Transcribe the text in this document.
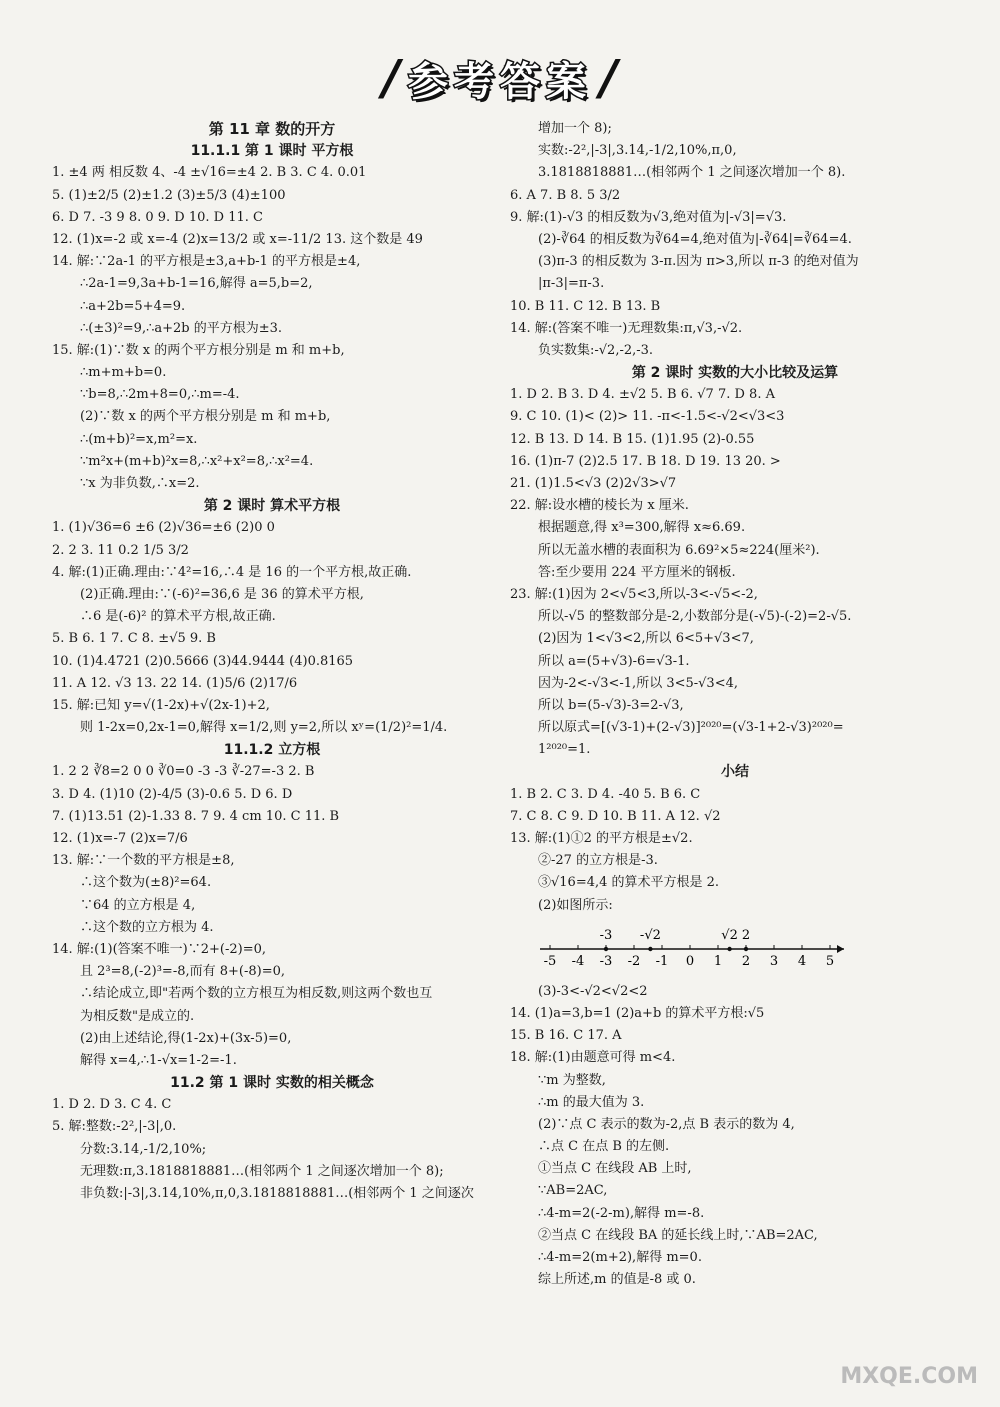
/ 参考答案 /
第 11 章 数的开方
11.1.1 第 1 课时 平方根
1. ±4 两 相反数 4、-4 ±√16=±4 2. B 3. C 4. 0.01
5. (1)±2/5 (2)±1.2 (3)±5/3 (4)±100
6. D 7. -3 9 8. 0 9. D 10. D 11. C
12. (1)x=-2 或 x=-4 (2)x=13/2 或 x=-11/2 13. 这个数是 49
14. 解:∵2a-1 的平方根是±3,a+b-1 的平方根是±4,
∴2a-1=9,3a+b-1=16,解得 a=5,b=2,
∴a+2b=5+4=9.
∴(±3)²=9,∴a+2b 的平方根为±3.
15. 解:(1)∵数 x 的两个平方根分别是 m 和 m+b,
∴m+m+b=0.
∵b=8,∴2m+8=0,∴m=-4.
(2)∵数 x 的两个平方根分别是 m 和 m+b,
∴(m+b)²=x,m²=x.
∵m²x+(m+b)²x=8,∴x²+x²=8,∴x²=4.
∵x 为非负数,∴x=2.
第 2 课时 算术平方根
1. (1)√36=6 ±6 (2)√36=±6 (2)0 0
2. 2 3. 11 0.2 1/5 3/2
4. 解:(1)正确.理由:∵4²=16,∴4 是 16 的一个平方根,故正确.
(2)正确.理由:∵(-6)²=36,6 是 36 的算术平方根,
∴6 是(-6)² 的算术平方根,故正确.
5. B 6. 1 7. C 8. ±√5 9. B
10. (1)4.4721 (2)0.5666 (3)44.9444 (4)0.8165
11. A 12. √3 13. 22 14. (1)5/6 (2)17/6
15. 解:已知 y=√(1-2x)+√(2x-1)+2,
则 1-2x=0,2x-1=0,解得 x=1/2,则 y=2,所以 xʸ=(1/2)²=1/4.
11.1.2 立方根
1. 2 2 ∛8=2 0 0 ∛0=0 -3 -3 ∛-27=-3 2. B
3. D 4. (1)10 (2)-4/5 (3)-0.6 5. D 6. D
7. (1)13.51 (2)-1.33 8. 7 9. 4 cm 10. C 11. B
12. (1)x=-7 (2)x=7/6
13. 解:∵一个数的平方根是±8,
∴这个数为(±8)²=64.
∵64 的立方根是 4,
∴这个数的立方根为 4.
14. 解:(1)(答案不唯一)∵2+(-2)=0,
且 2³=8,(-2)³=-8,而有 8+(-8)=0,
∴结论成立,即"若两个数的立方根互为相反数,则这两个数也互
为相反数"是成立的.
(2)由上述结论,得(1-2x)+(3x-5)=0,
解得 x=4,∴1-√x=1-2=-1.
11.2 第 1 课时 实数的相关概念
1. D 2. D 3. C 4. C
5. 解:整数:-2²,|-3|,0.
分数:3.14,-1/2,10%;
无理数:π,3.1818818881…(相邻两个 1 之间逐次增加一个 8);
非负数:|-3|,3.14,10%,π,0,3.1818818881…(相邻两个 1 之间逐次
增加一个 8);
实数:-2²,|-3|,3.14,-1/2,10%,π,0,
3.1818818881…(相邻两个 1 之间逐次增加一个 8).
6. A 7. B 8. 5 3/2
9. 解:(1)-√3 的相反数为√3,绝对值为|-√3|=√3.
(2)-∛64 的相反数为∛64=4,绝对值为|-∛64|=∛64=4.
(3)π-3 的相反数为 3-π.因为 π>3,所以 π-3 的绝对值为
|π-3|=π-3.
10. B 11. C 12. B 13. B
14. 解:(答案不唯一)无理数集:π,√3,-√2.
负实数集:-√2,-2,-3.
第 2 课时 实数的大小比较及运算
1. D 2. B 3. D 4. ±√2 5. B 6. √7 7. D 8. A
9. C 10. (1)< (2)> 11. -π<-1.5<-√2<√3<3
12. B 13. D 14. B 15. (1)1.95 (2)-0.55
16. (1)π-7 (2)2.5 17. B 18. D 19. 13 20. >
21. (1)1.5<√3 (2)2√3>√7
22. 解:设水槽的棱长为 x 厘米.
根据题意,得 x³=300,解得 x≈6.69.
所以无盖水槽的表面积为 6.69²×5≈224(厘米²).
答:至少要用 224 平方厘米的钢板.
23. 解:(1)因为 2<√5<3,所以-3<-√5<-2,
所以-√5 的整数部分是-2,小数部分是(-√5)-(-2)=2-√5.
(2)因为 1<√3<2,所以 6<5+√3<7,
所以 a=(5+√3)-6=√3-1.
因为-2<-√3<-1,所以 3<5-√3<4,
所以 b=(5-√3)-3=2-√3,
所以原式=[(√3-1)+(2-√3)]²⁰²⁰=(√3-1+2-√3)²⁰²⁰=
1²⁰²⁰=1.
小结
1. B 2. C 3. D 4. -40 5. B 6. C
7. C 8. C 9. D 10. B 11. A 12. √2
13. 解:(1)①2 的平方根是±√2.
②-27 的立方根是-3.
③√16=4,4 的算术平方根是 2.
(2)如图所示:
-5 -4 -3 -2 -1 0 1 2 3 4 5
-3 -√2	√2 2
(3)-3<-√2<√2<2
14. (1)a=3,b=1 (2)a+b 的算术平方根:√5
15. B 16. C 17. A
18. 解:(1)由题意可得 m<4.
∵m 为整数,
∴m 的最大值为 3.
(2)∵点 C 表示的数为-2,点 B 表示的数为 4,
∴点 C 在点 B 的左侧.
①当点 C 在线段 AB 上时,
∵AB=2AC,
∴4-m=2(-2-m),解得 m=-8.
②当点 C 在线段 BA 的延长线上时,∵AB=2AC,
∴4-m=2(m+2),解得 m=0.
综上所述,m 的值是-8 或 0.
MXQE.COM
